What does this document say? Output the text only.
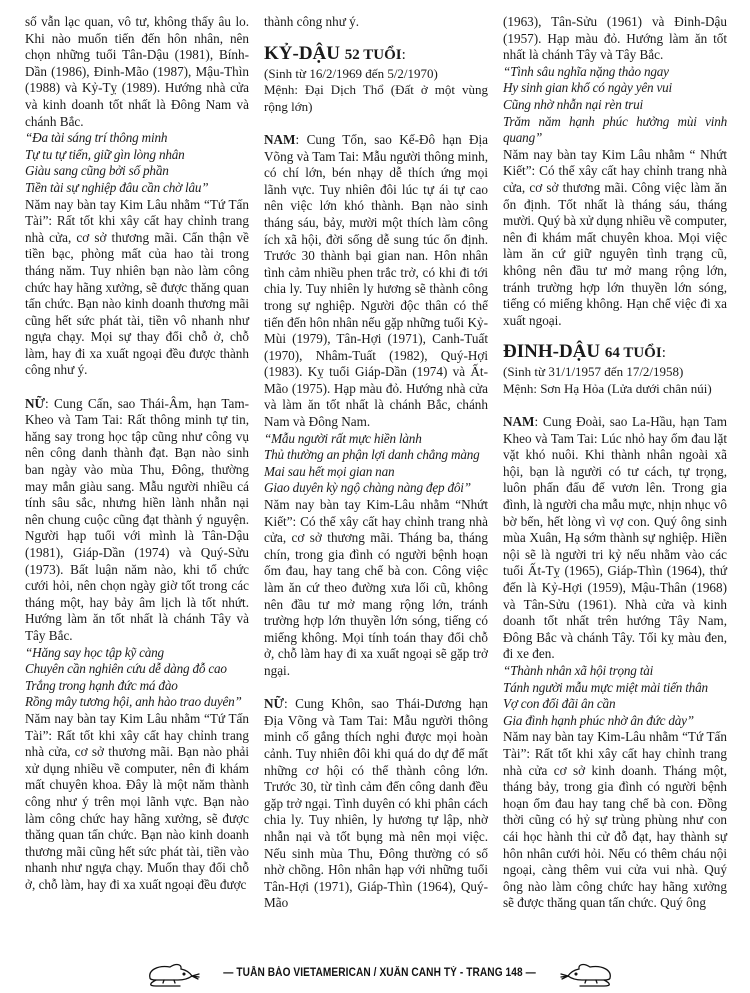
số vẫn lạc quan, vô tư, không thấy âu lo. Khi nào muốn tiến đến hôn nhân, nên chọn những tuổi Tân-Dậu (1981), Bính-Dần (1986), Đinh-Mão (1987), Mậu-Thìn (1988) và Kỷ-Tỵ (1989). Hướng nhà cửa và kinh doanh tốt nhất là Đông Nam và chánh Bắc.

“Đa tài sáng trí thông minh
Tự tu tự tiến, giữ gìn lòng nhân
Giàu sang cũng bởi số phần
Tiền tài sự nghiệp đâu cần chờ lâu”

Năm nay bàn tay Kim Lâu nhằm “Tứ Tấn Tài”: Rất tốt khi xây cất hay chỉnh trang nhà cửa, cơ sở thương mãi. Cẩn thận về tiền bạc, phòng mất của hao tài trong tháng năm. Tuy nhiên bạn nào làm công chức hay hãng xưởng, sẽ được thăng quan tấn chức. Bạn nào kinh doanh thương mãi cũng hết sức phát tài, tiền vô nhanh như ngựa chạy. Mọi sự thay đổi chỗ ở, chỗ làm, hay đi xa xuất ngoại đều được thành công như ý.

NỮ: Cung Cấn, sao Thái-Âm, hạn Tam-Kheo và Tam Tai: Rất thông minh tự tin, hăng say trong học tập cũng như công vụ nên công danh thành đạt. Bạn nào sinh ban ngày vào mùa Thu, Đông, thường may mắn giàu sang. Mẫu người nhiều cá tính sâu sắc, nhưng hiền lành nhẫn nại nên chung cuộc cũng đạt thành ý nguyện. Người hạp tuổi với mình là Tân-Dậu (1981), Giáp-Dần (1974) và Quý-Sửu (1973). Bất luận năm nào, khi tổ chức cưới hỏi, nên chọn ngày giờ tốt trong các tháng một, hay bảy âm lịch là tốt nhứt. Hướng làm ăn tốt nhất là chánh Tây và Tây Bắc.

“Hăng say học tập kỹ càng
Chuyên cần nghiên cứu dễ dàng đỗ cao
Trắng trong hạnh đức má đào
Rồng mây tương hội, anh hào trao duyên”

Năm nay bàn tay Kim Lâu nhằm “Tứ Tấn Tài”: Rất tốt khi xây cất hay chỉnh trang nhà cửa, cơ sở thương mãi. Bạn nào phải xử dụng nhiều về computer, nên đi khám mất chuyên khoa. Đây là một năm thành công như ý trên mọi lãnh vực. Bạn nào làm công chức hay hãng xưởng, sẽ được thăng quan tấn chức. Bạn nào kinh doanh thương mãi cũng hết sức phát tài, tiền vào nhanh như ngựa chạy. Muốn thay đổi chỗ ở, chỗ làm, hay đi xa xuất ngoại đều được

thành công như ý.

KỶ-DẬU 52 TUỔI:

(Sinh từ 16/2/1969 đến 5/2/1970)

Mệnh: Đại Dịch Thổ (Đất ở một vùng rộng lớn)

NAM: Cung Tốn, sao Kế-Đô hạn Địa Võng và Tam Tai: Mẫu người thông minh, có chí lớn, bén nhạy dễ thích ứng mọi lãnh vực. Tuy nhiên đôi lúc tự ái tự cao nên việc lớn khó thành. Bạn nào sinh tháng sáu, bảy, mười một thích làm công ích xã hội, đời sống dễ sung túc ổn định. Trước 30 thành bại gian nan. Hôn nhân tình cảm nhiều phen trắc trở, có khi đi tới chia ly. Tuy nhiên ly hương sẽ thành công trong sự nghiệp. Người độc thân có thể tiến đến hôn nhân nếu gặp những tuổi Kỷ-Mùi (1979), Tân-Hợi (1971), Canh-Tuất (1970), Nhâm-Tuất (1982), Quý-Hợi (1983). Kỵ tuổi Giáp-Dần (1974) và Ất-Mão (1975). Hạp màu đỏ. Hướng nhà cửa và làm ăn tốt nhất là chánh Bắc, chánh Nam và Đông Nam.

“Mẫu người rất mực hiền lành
Thủ thường an phận lợi danh chẳng màng
Mai sau hết mọi gian nan
Giao duyên kỳ ngộ chàng nàng đẹp đôi”

Năm nay bàn tay Kim-Lâu nhằm “Nhứt Kiết”: Có thể xây cất hay chỉnh trang nhà cửa, cơ sở thương mãi. Tháng ba, tháng chín, trong gia đình có người bệnh hoạn ốm đau, hay tang chế bà con. Công việc làm ăn cứ theo đường xưa lối cũ, không nên đầu tư mở mang rộng lớn, tránh trường hợp lớn thuyền lớn sóng, tiếng có miếng không. Mọi tính toán thay đổi chỗ ở, chỗ làm hay đi xa xuất ngoại sẽ gặp trở ngại.

NỮ: Cung Khôn, sao Thái-Dương hạn Địa Võng và Tam Tai: Mẫu người thông minh cố gắng thích nghi được mọi hoàn cảnh. Tuy nhiên đôi khi quá do dự để mất những cơ hội có thể thành công lớn. Trước 30, từ tình cảm đến công danh đều gặp trở ngại. Tình duyên có khi phân cách chia ly. Tuy nhiên, ly hương tự lập, nhờ nhẫn nại và tốt bụng mà nên mọi việc. Nếu sinh mùa Thu, Đông thường có số nhờ chồng. Hôn nhân hạp với những tuổi Tân-Hợi (1971), Giáp-Thìn (1964), Quý-Mão

(1963), Tân-Sửu (1961) và Đinh-Dậu (1957). Hạp màu đỏ. Hướng làm ăn tốt nhất là chánh Tây và Tây Bắc.

“Tình sâu nghĩa nặng thảo ngay
Hy sinh gian khổ có ngày yên vui
Cũng nhờ nhẫn nại rèn trui
Trăm năm hạnh phúc hưởng mùi vinh quang”

Năm nay bàn tay Kim Lâu nhằm “ Nhứt Kiết”: Có thể xây cất hay chỉnh trang nhà cửa, cơ sở thương mãi. Công việc làm ăn ổn định. Tốt nhất là tháng sáu, tháng mười. Quý bà xử dụng nhiều về computer, nên đi khám mất chuyên khoa. Mọi việc làm ăn cứ giữ nguyên tình trạng cũ, không nên đầu tư mở mang rộng lớn, tránh trường hợp lớn thuyền lớn sóng, tiếng có miếng không. Hạn chế việc đi xa xuất ngoại.

ĐINH-DẬU 64 TUỔI:

(Sinh từ 31/1/1957 đến 17/2/1958)

Mệnh: Sơn Hạ Hỏa (Lửa dưới chân núi)

NAM: Cung Đoài, sao La-Hầu, hạn Tam Kheo và Tam Tai: Lúc nhỏ hay ốm đau lặt vặt khó nuôi. Khi thành nhân ngoài xã hội, bạn là người có tư cách, tự trọng, luôn phấn đấu để vươn lên. Trong gia đình, là người cha mẫu mực, nhịn nhục vô bờ bến, hết lòng vì vợ con. Quý ông sinh mùa Xuân, Hạ sớm thành sự nghiệp. Hiền nội sẽ là người tri kỷ nếu nhằm vào các tuổi Ất-Tỵ (1965), Giáp-Thìn (1964), thứ đến là Kỷ-Hợi (1959), Mậu-Thân (1968) và Tân-Sửu (1961). Nhà cửa và kinh doanh tốt nhất trên hướng Tây Nam, Đông Bắc và chánh Tây. Tối kỵ màu đen, đi xe đen.

“Thành nhân xã hội trọng tài
Tánh người mẫu mực miệt mài tiến thân
Vợ con đối đãi ân cần
Gia đình hạnh phúc nhờ ân đức dày”

Năm nay bàn tay Kim-Lâu nhằm “Tứ Tấn Tài”: Rất tốt khi xây cất hay chỉnh trang nhà cửa cơ sở kinh doanh. Tháng một, tháng bảy, trong gia đình có người bệnh hoạn ốm đau hay tang chế bà con. Đồng thời cũng có hỷ sự trùng phùng như con cái học hành thi cử đỗ đạt, hay thành sự hôn nhân cưới hỏi. Nếu có thêm cháu nội ngoại, càng thêm vui cửa vui nhà. Quý ông nào làm công chức hay hãng xưởng sẽ được thăng quan tấn chức. Quý ông

— TUẦN BÁO VIETAMERICAN / XUÂN CANH TÝ - TRANG 148 —
